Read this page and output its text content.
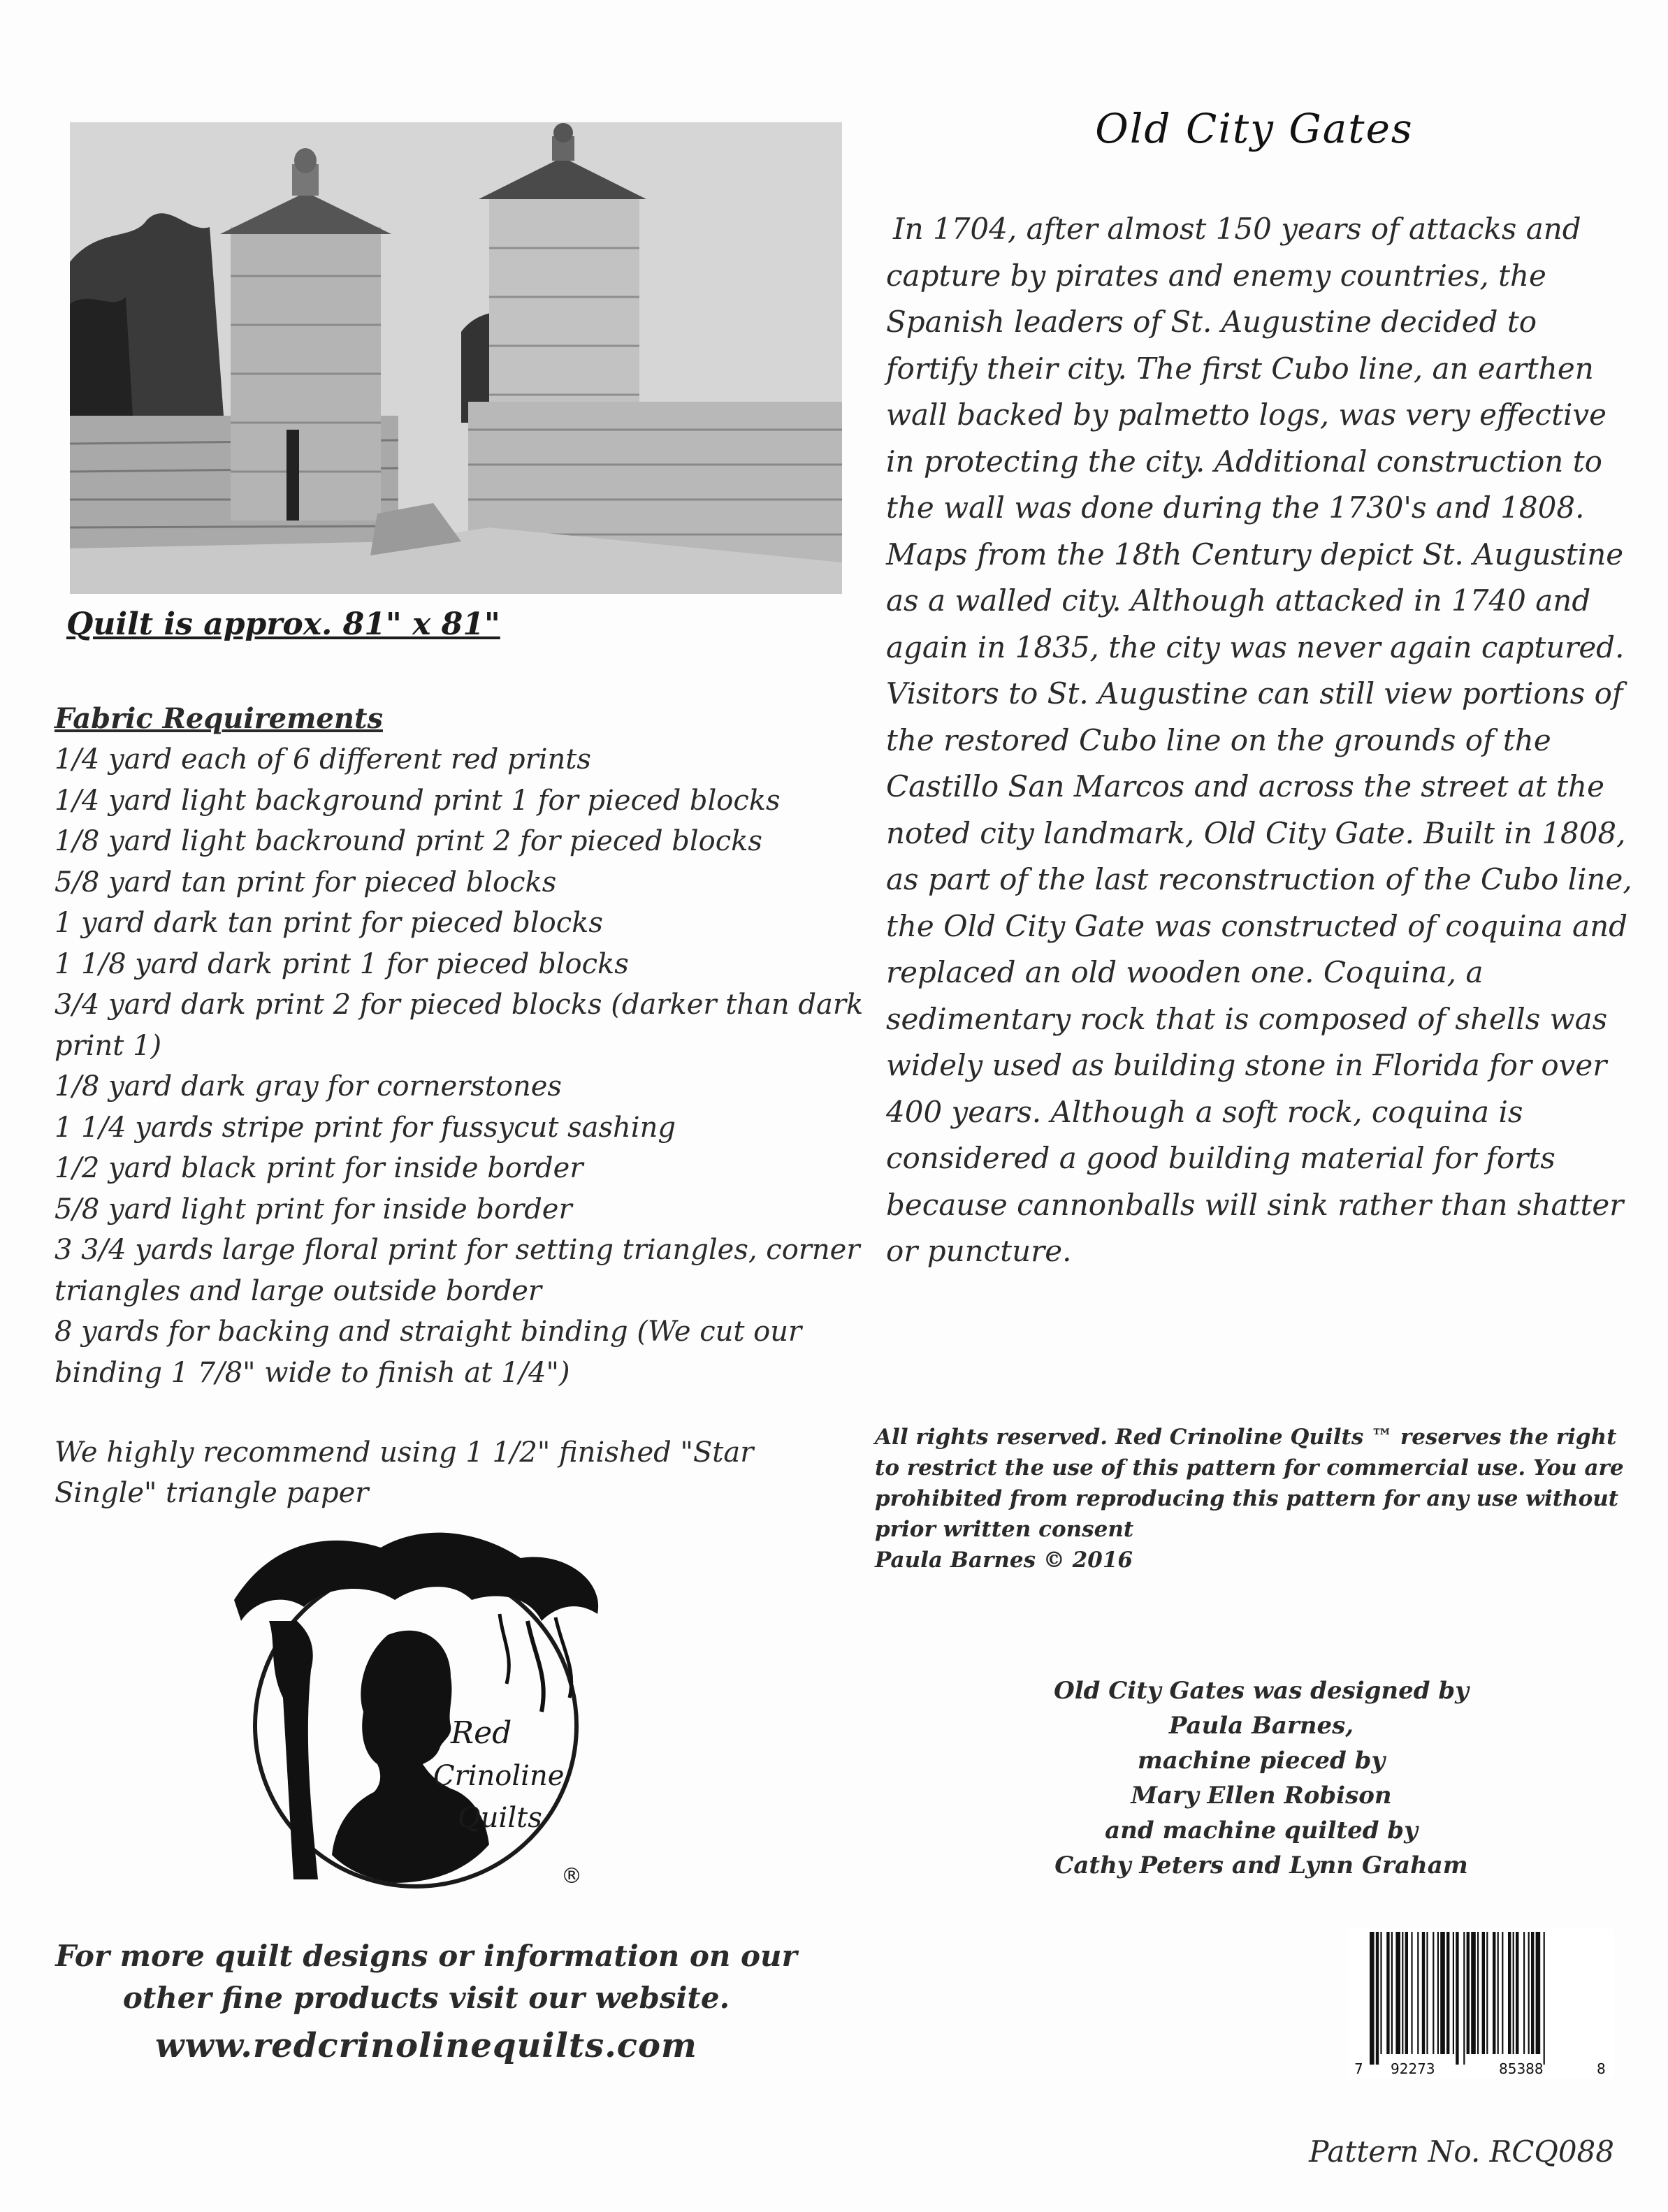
Quilt is approx. 81" x 81"
Fabric Requirements
1/4 yard each of 6 different red prints
1/4 yard light background print 1 for pieced blocks
1/8 yard light backround print 2 for pieced blocks
5/8 yard tan print for pieced blocks
1 yard dark tan print for pieced blocks
1 1/8 yard dark print 1 for pieced blocks
3/4 yard dark print 2 for pieced blocks (darker than dark print 1)
1/8 yard dark gray for cornerstones
1 1/4 yards stripe print for fussycut sashing
1/2 yard black print for inside border
5/8 yard light print for inside border
3 3/4 yards large floral print for setting triangles, corner triangles and large outside border
8 yards for backing and straight binding (We cut our binding 1 7/8" wide to finish at 1/4")
We highly recommend using 1 1/2" finished "Star Single" triangle paper
Red
Crinoline
Quilts
®
For more quilt designs or information on our other fine products visit our website.
www.redcrinolinequilts.com
Old City Gates

In 1704, after almost 150 years of attacks and capture by pirates and enemy countries, the Spanish leaders of St. Augustine decided to fortify their city. The first Cubo line, an earthen wall backed by palmetto logs, was very effective in protecting the city. Additional construction to the wall was done during the 1730's and 1808. Maps from the 18th Century depict St. Augustine as a walled city. Although attacked in 1740 and again in 1835, the city was never again captured.

Visitors to St. Augustine can still view portions of the restored Cubo line on the grounds of the Castillo San Marcos and across the street at the noted city landmark, Old City Gate. Built in 1808, as part of the last reconstruction of the Cubo line, the Old City Gate was constructed of coquina and replaced an old wooden one. Coquina, a sedimentary rock that is composed of shells was widely used as building stone in Florida for over 400 years. Although a soft rock, coquina is considered a good building material for forts because cannonballs will sink rather than shatter or puncture.

All rights reserved. Red Crinoline Quilts ™ reserves the right to restrict the use of this pattern for commercial use. You are prohibited from reproducing this pattern for any use without prior written consent

Paula Barnes © 2016

Old City Gates was designed by

Paula Barnes,

machine pieced by

Mary Ellen Robison

and machine quilted by

Cathy Peters and Lynn Graham

7 92273	85388	8
Pattern No. RCQ088
